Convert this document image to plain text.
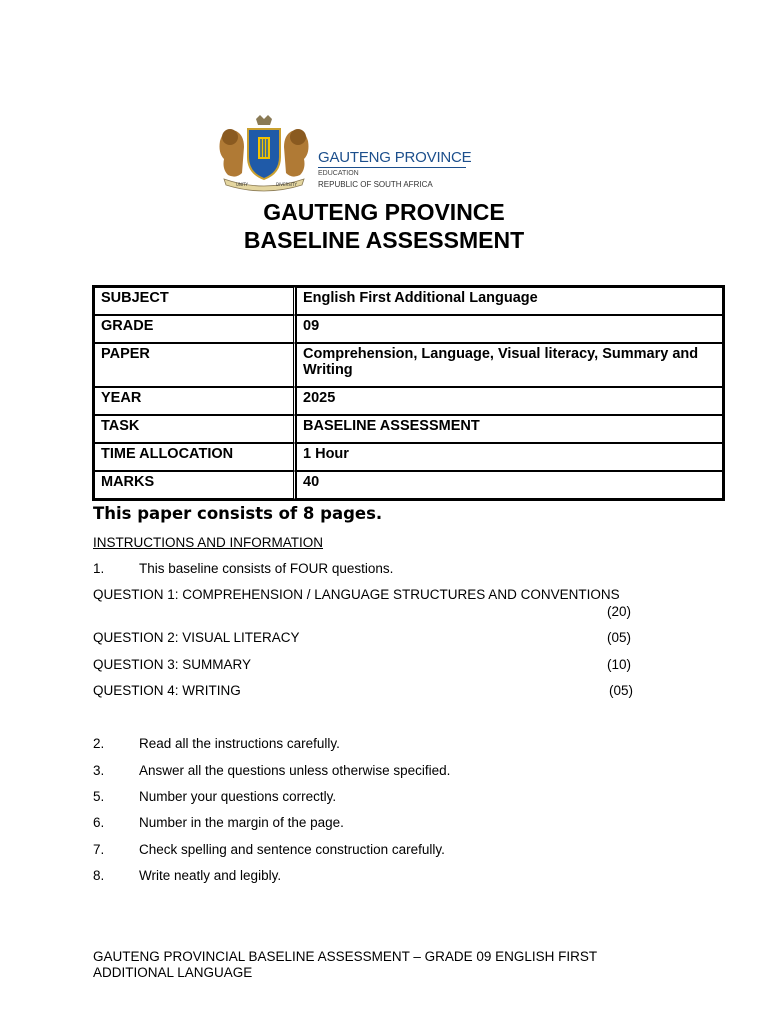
UNITY	DIVERSITY
GAUTENG PROVINCE
EDUCATION
REPUBLIC OF SOUTH AFRICA
GAUTENG PROVINCE
BASELINE ASSESSMENT
SUBJECT	English First Additional Language
GRADE	09
PAPER	Comprehension, Language, Visual literacy, Summary and Writing
YEAR	2025
TASK	BASELINE ASSESSMENT
TIME ALLOCATION	1 Hour
MARKS	40
This paper consists of 8 pages.
INSTRUCTIONS AND INFORMATION
1.	This baseline consists of FOUR questions.
QUESTION 1: COMPREHENSION / LANGUAGE STRUCTURES AND CONVENTIONS
(20)
QUESTION 2: VISUAL LITERACY	(05)
QUESTION 3: SUMMARY	(10)
QUESTION 4: WRITING	(05)
2.	Read all the instructions carefully.
3.	Answer all the questions unless otherwise specified.
5.	Number your questions correctly.
6.	Number in the margin of the page.
7.	Check spelling and sentence construction carefully.
8.	Write neatly and legibly.
GAUTENG PROVINCIAL BASELINE ASSESSMENT – GRADE 09 ENGLISH FIRST ADDITIONAL LANGUAGE
